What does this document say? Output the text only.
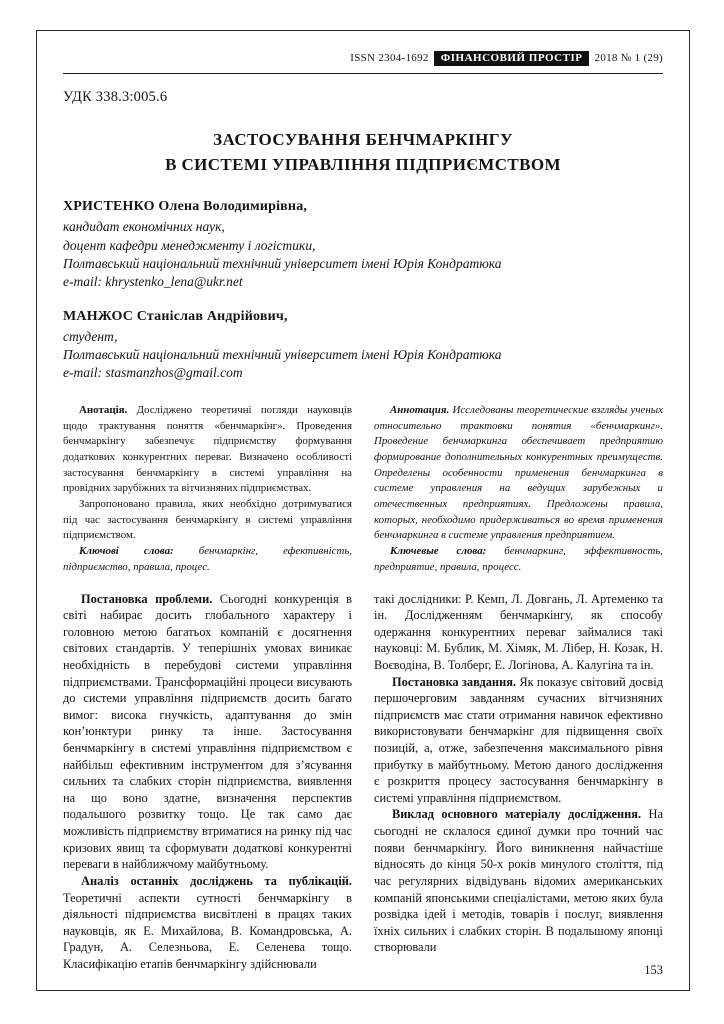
ISSN 2304-1692 ФІНАНСОВИЙ ПРОСТІР 2018 № 1 (29)
УДК 338.3:005.6
ЗАСТОСУВАННЯ БЕНЧМАРКІНГУ
В СИСТЕМІ УПРАВЛІННЯ ПІДПРИЄМСТВОМ
ХРИСТЕНКО Олена Володимирівна,
кандидат економічних наук,
доцент кафедри менеджменту і логістики,
Полтавський національний технічний університет імені Юрія Кондратюка
e-mail: khrystenko_lena@ukr.net
МАНЖОС Станіслав Андрійович,
студент,
Полтавський національний технічний університет імені Юрія Кондратюка
e-mail: stasmanzhos@gmail.com

Анотація. Досліджено теоретичні погляди науковців щодо трактування поняття «бенчмаркінг». Проведення бенчмаркінгу забезпечує підприємству формування додаткових конкурентних переваг. Визначено особливості застосування бенчмаркінгу в системі управління на провідних зарубіжних та вітчизняних підприємствах.

Запропоновано правила, яких необхідно дотримуватися під час застосування бенчмаркінгу в системі управління підприємством.

Ключові слова: бенчмаркінг, ефективність, підприємство, правила, процес.

Аннотация. Исследованы теоретические взгляды ученых относительно трактовки понятия «бенчмаркинг». Проведение бенчмаркинга обеспечивает предприятию формирование дополнительных конкурентных преимуществ. Определены особенности применения бенчмаркинга в системе управления на ведущих зарубежных и отечественных предприятиях. Предложены правила, которых, необходимо придерживаться во время применения бенчмаркинга в системе управления предприятием.

Ключевые слова: бенчмаркинг, эффективность, предприятие, правила, процесс.

Постановка проблеми. Сьогодні конкуренція в світі набирає досить глобального характеру і головною метою багатьох компаній є досягнення світових стандартів. У теперішніх умовах виникає необхідність в перебудові системи управління підприємствами. Трансформаційні процеси висувають до системи управління підприємств досить багато вимог: висока гнучкість, адаптування до змін кон’юнктури ринку та інше. Застосування бенчмаркінгу в системі управління підприємством є найбільш ефективним інструментом для з’ясування сильних та слабких сторін підприємства, виявлення на що воно здатне, визначення перспектив подальшого розвитку тощо. Це так само дає можливість підприємству втриматися на ринку під час кризових явищ та сформувати додаткові конкурентні переваги в найближчому майбутньому.

Аналіз останніх досліджень та публікацій. Теоретичні аспекти сутності бенчмаркінгу в діяльності підприємства висвітлені в працях таких науковців, як Е. Михайлова, В. Командровська, А. Градун, А. Селезньова, Е. Селенева тощо. Класифікацію етапів бенчмаркінгу здійснювали

такі дослідники: Р. Кемп, Л. Довгань, Л. Артеменко та ін. Дослідженням бенчмаркінгу, як способу одержання конкурентних переваг займалися такі науковці: М. Бублик, М. Хімяк, М. Лібер, Н. Козак, Н. Воєводіна, В. Толберг, Е. Логінова, А. Калугіна та ін.

Постановка завдання. Як показує світовий досвід першочерговим завданням сучасних вітчизняних підприємств має стати отримання навичок ефективно використовувати бенчмаркінг для підвищення своїх позицій, а, отже, забезпечення максимального рівня прибутку в майбутньому. Метою даного дослідження є розкриття процесу застосування бенчмаркінгу в системі управління підприємством.

Виклад основного матеріалу дослідження. На сьогодні не склалося єдиної думки про точний час появи бенчмаркінгу. Його виникнення найчастіше відносять до кінця 50-х років минулого століття, під час регулярних відвідувань відомих американських компаній японськими спеціалістами, метою яких була розвідка ідей і методів, товарів і послуг, виявлення їхніх сильних і слабких сторін. В подальшому японці створювали

153
